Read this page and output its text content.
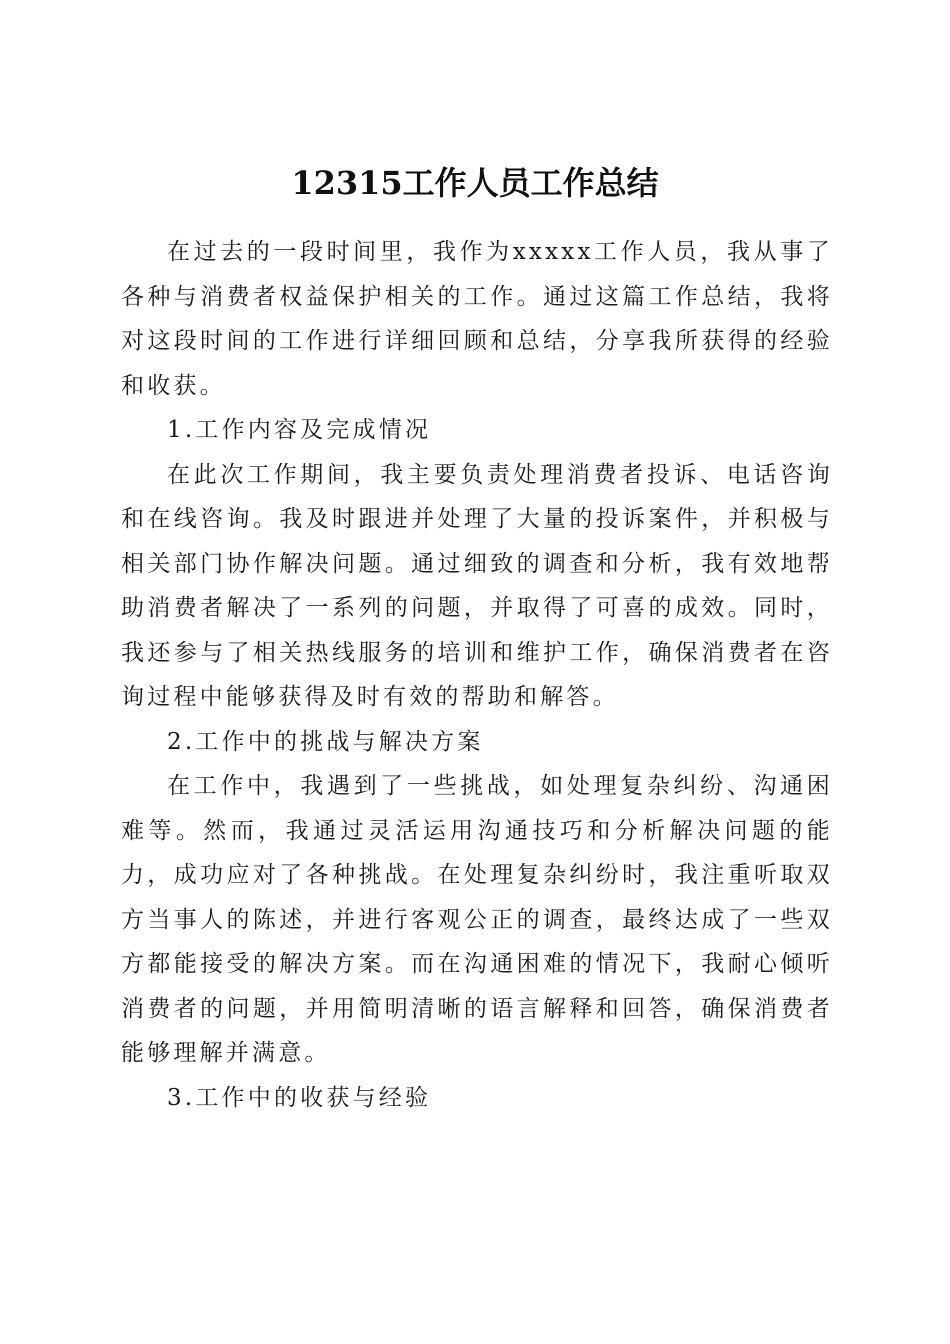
12315工作人员工作总结

在过去的一段时间里，我作为xxxxx工作人员，我从事了各种与消费者权益保护相关的工作。通过这篇工作总结，我将对这段时间的工作进行详细回顾和总结，分享我所获得的经验和收获。

1.工作内容及完成情况

在此次工作期间，我主要负责处理消费者投诉、电话咨询和在线咨询。我及时跟进并处理了大量的投诉案件，并积极与相关部门协作解决问题。通过细致的调查和分析，我有效地帮助消费者解决了一系列的问题，并取得了可喜的成效。同时，我还参与了相关热线服务的培训和维护工作，确保消费者在咨询过程中能够获得及时有效的帮助和解答。

2.工作中的挑战与解决方案

在工作中，我遇到了一些挑战，如处理复杂纠纷、沟通困难等。然而，我通过灵活运用沟通技巧和分析解决问题的能力，成功应对了各种挑战。在处理复杂纠纷时，我注重听取双方当事人的陈述，并进行客观公正的调查，最终达成了一些双方都能接受的解决方案。而在沟通困难的情况下，我耐心倾听消费者的问题，并用简明清晰的语言解释和回答，确保消费者能够理解并满意。

3.工作中的收获与经验
